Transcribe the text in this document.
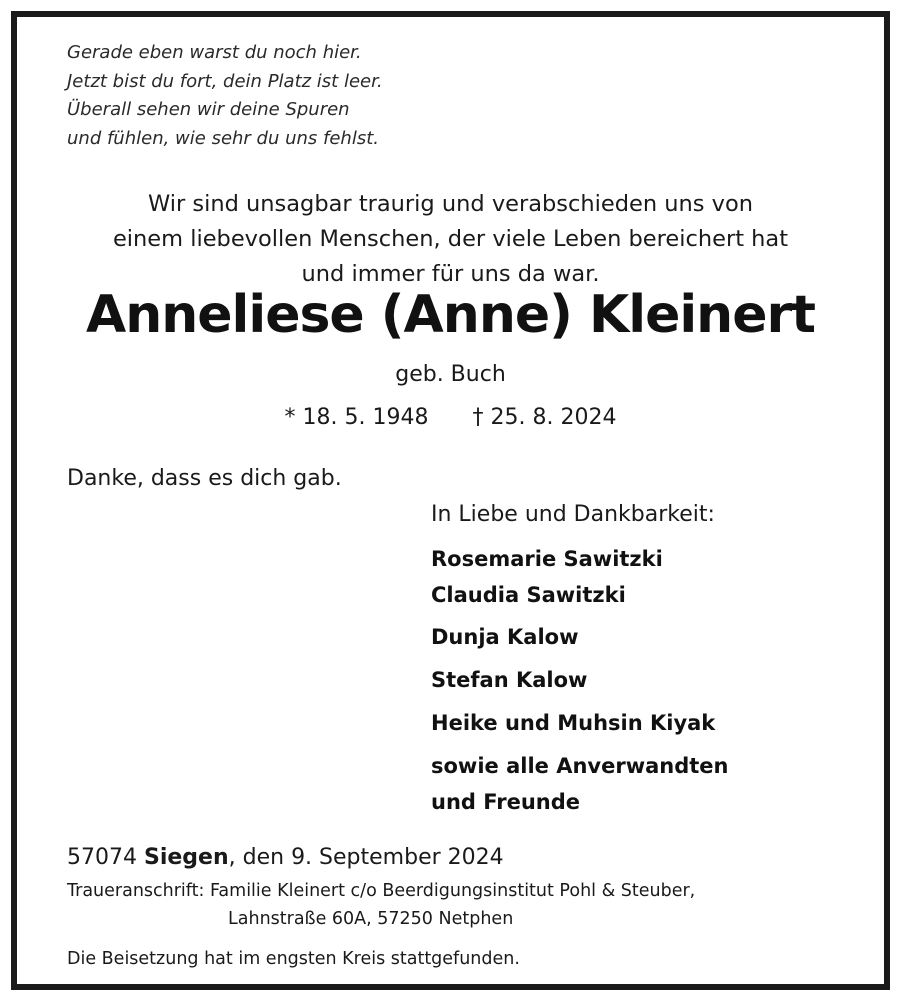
Gerade eben warst du noch hier.
Jetzt bist du fort, dein Platz ist leer.
Überall sehen wir deine Spuren
und fühlen, wie sehr du uns fehlst.
Wir sind unsagbar traurig und verabschieden uns von
einem liebevollen Menschen, der viele Leben bereichert hat
und immer für uns da war.
Anneliese (Anne) Kleinert
geb. Buch
* 18. 5. 1948 † 25. 8. 2024
Danke, dass es dich gab.
In Liebe und Dankbarkeit:
Rosemarie Sawitzki
Claudia Sawitzki
Dunja Kalow
Stefan Kalow
Heike und Muhsin Kiyak
sowie alle Anverwandten
und Freunde
57074 Siegen, den 9. September 2024
Traueranschrift: Familie Kleinert c/o Beerdigungsinstitut Pohl & Steuber,
Lahnstraße 60A, 57250 Netphen
Die Beisetzung hat im engsten Kreis stattgefunden.
